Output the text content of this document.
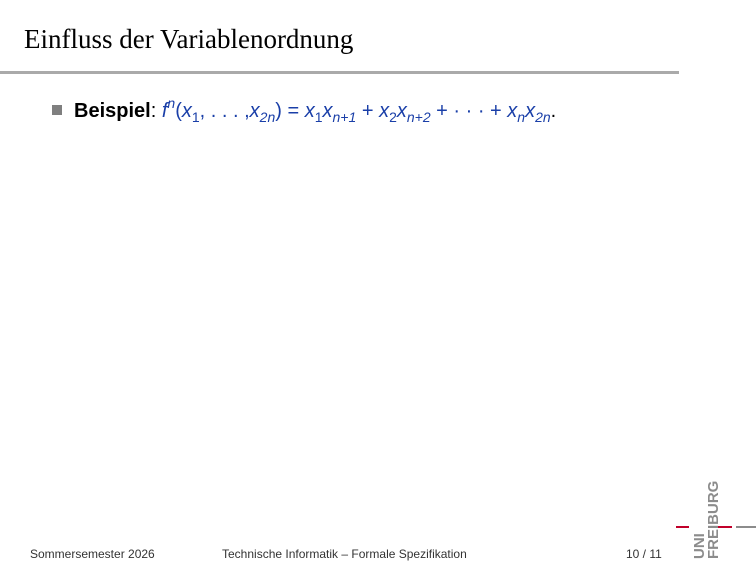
Einfluss der Variablenordnung
Beispiel: $f^n(x_1$, . . . $,x_{2n}) = x_1x_{n+1} + x_2x_{n+2}$ + · · · + $x_nx_{2n}$.
Sommersemester 2026	Technische Informatik – Formale Spezifikation	10 / 11 UNI
FREIBURG
